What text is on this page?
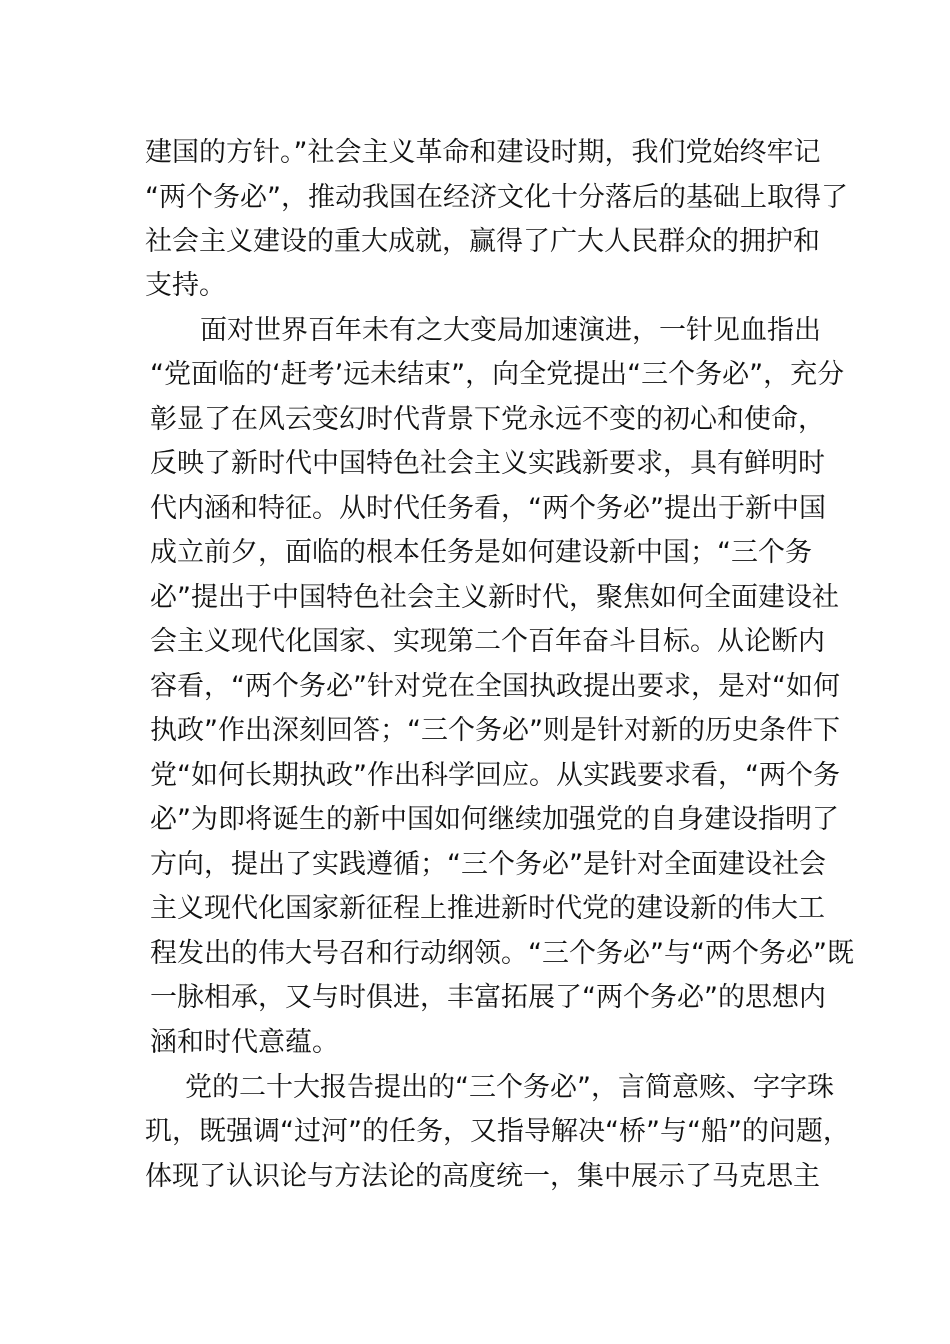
建国的方针。”社会主义革命和建设时期，我们党始终牢记
“两个务必”，推动我国在经济文化十分落后的基础上取得了
社会主义建设的重大成就，赢得了广大人民群众的拥护和
支持。
面对世界百年未有之大变局加速演进，一针见血指出
“党面临的‘赶考’远未结束”，向全党提出“三个务必”，充分
彰显了在风云变幻时代背景下党永远不变的初心和使命，
反映了新时代中国特色社会主义实践新要求，具有鲜明时
代内涵和特征。从时代任务看，“两个务必”提出于新中国
成立前夕，面临的根本任务是如何建设新中国；“三个务
必”提出于中国特色社会主义新时代，聚焦如何全面建设社
会主义现代化国家、实现第二个百年奋斗目标。从论断内
容看，“两个务必”针对党在全国执政提出要求，是对“如何
执政”作出深刻回答；“三个务必”则是针对新的历史条件下
党“如何长期执政”作出科学回应。从实践要求看，“两个务
必”为即将诞生的新中国如何继续加强党的自身建设指明了
方向，提出了实践遵循；“三个务必”是针对全面建设社会
主义现代化国家新征程上推进新时代党的建设新的伟大工
程发出的伟大号召和行动纲领。“三个务必”与“两个务必”既
一脉相承，又与时俱进，丰富拓展了“两个务必”的思想内
涵和时代意蕴。
党的二十大报告提出的“三个务必”，言简意赅、字字珠
玑，既强调“过河”的任务，又指导解决“桥”与“船”的问题，
体现了认识论与方法论的高度统一，集中展示了马克思主
